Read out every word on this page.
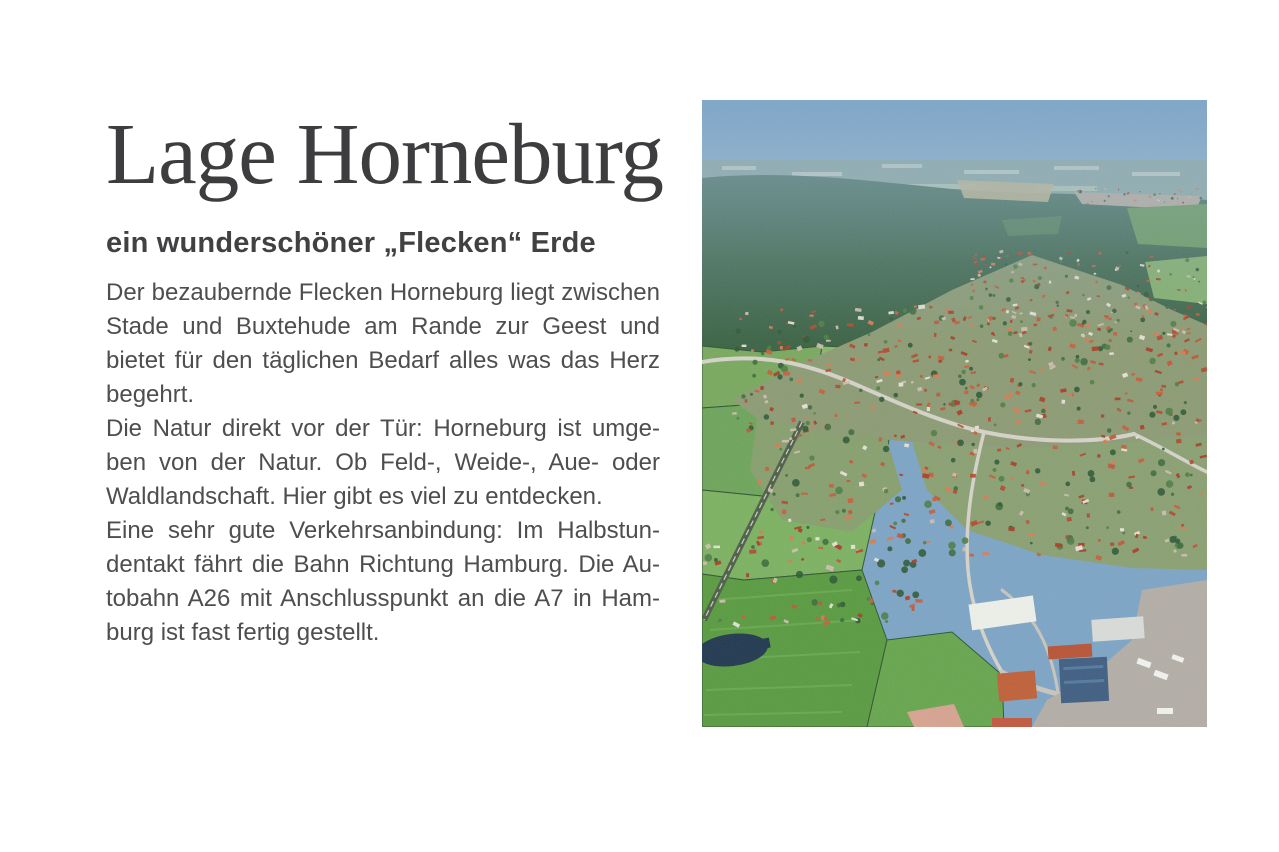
Lage Horneburg
ein wunderschöner „Flecken“ Erde

Der bezaubernde Flecken Horneburg liegt zwischen Stade und Buxtehude am Rande zur Geest und bietet für den täglichen Bedarf alles was das Herz begehrt.

Die Natur direkt vor der Tür: Horneburg ist umgeben von der Natur. Ob Feld-, Weide-, Aue- oder Waldlandschaft. Hier gibt es viel zu entdecken.

Eine sehr gute Verkehrsanbindung: Im Halbstundentakt fährt die Bahn Richtung Hamburg. Die Autobahn A26 mit Anschlusspunkt an die A7 in Hamburg ist fast fertig gestellt.
